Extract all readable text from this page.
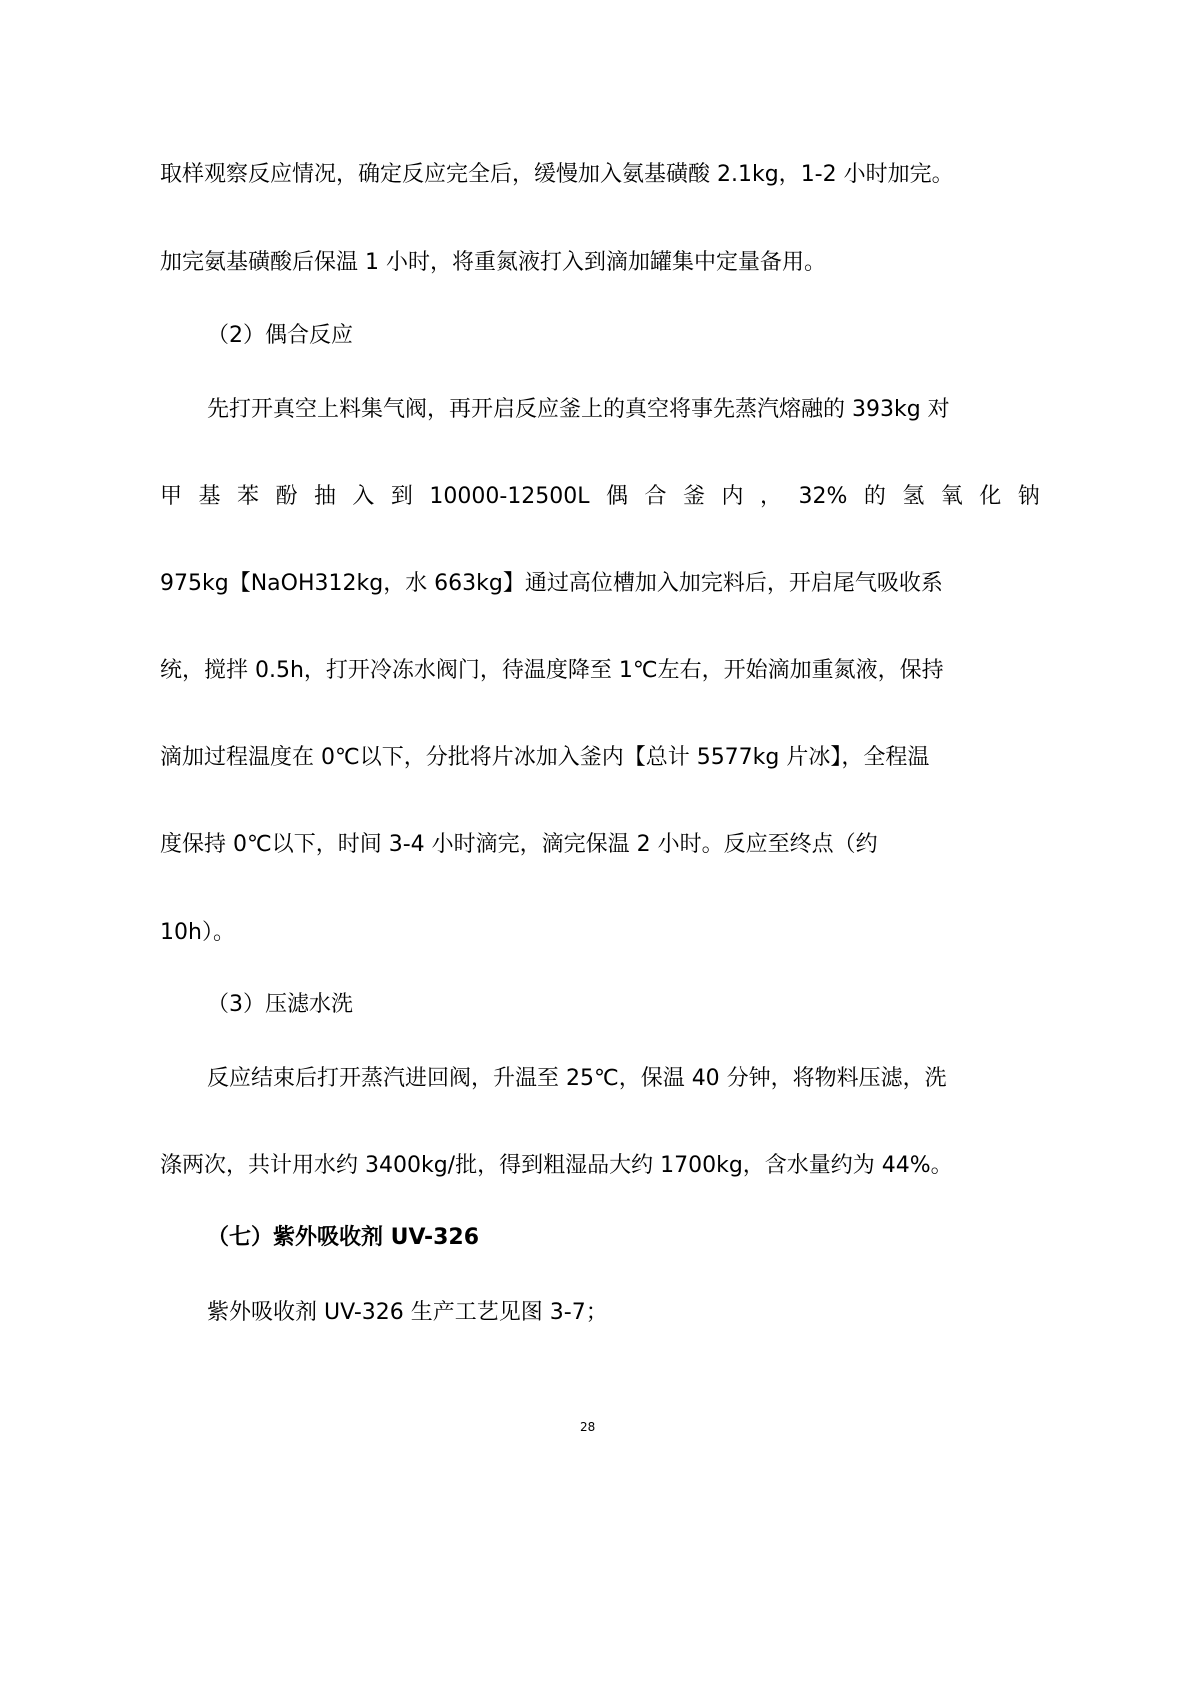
取样观察反应情况，确定反应完全后，缓慢加入氨基磺酸 2.1kg，1-2 小时加完。
加完氨基磺酸后保温 1 小时，将重氮液打入到滴加罐集中定量备用。
（2）偶合反应
先打开真空上料集气阀，再开启反应釜上的真空将事先蒸汽熔融的 393kg 对
甲 基 苯 酚 抽 入 到 10000-12500L 偶 合 釜 内 ， 32% 的 氢 氧 化 钠
975kg【NaOH312kg，水 663kg】通过高位槽加入加完料后，开启尾气吸收系
统，搅拌 0.5h，打开冷冻水阀门，待温度降至 1℃左右，开始滴加重氮液，保持
滴加过程温度在 0℃以下，分批将片冰加入釜内【总计 5577kg 片冰】，全程温
度保持 0℃以下，时间 3-4 小时滴完，滴完保温 2 小时。反应至终点（约
10h）。
（3）压滤水洗
反应结束后打开蒸汽进回阀，升温至 25℃，保温 40 分钟，将物料压滤，洗
涤两次，共计用水约 3400kg/批，得到粗湿品大约 1700kg，含水量约为 44%。
（七）紫外吸收剂 UV-326
紫外吸收剂 UV-326 生产工艺见图 3-7；
28
